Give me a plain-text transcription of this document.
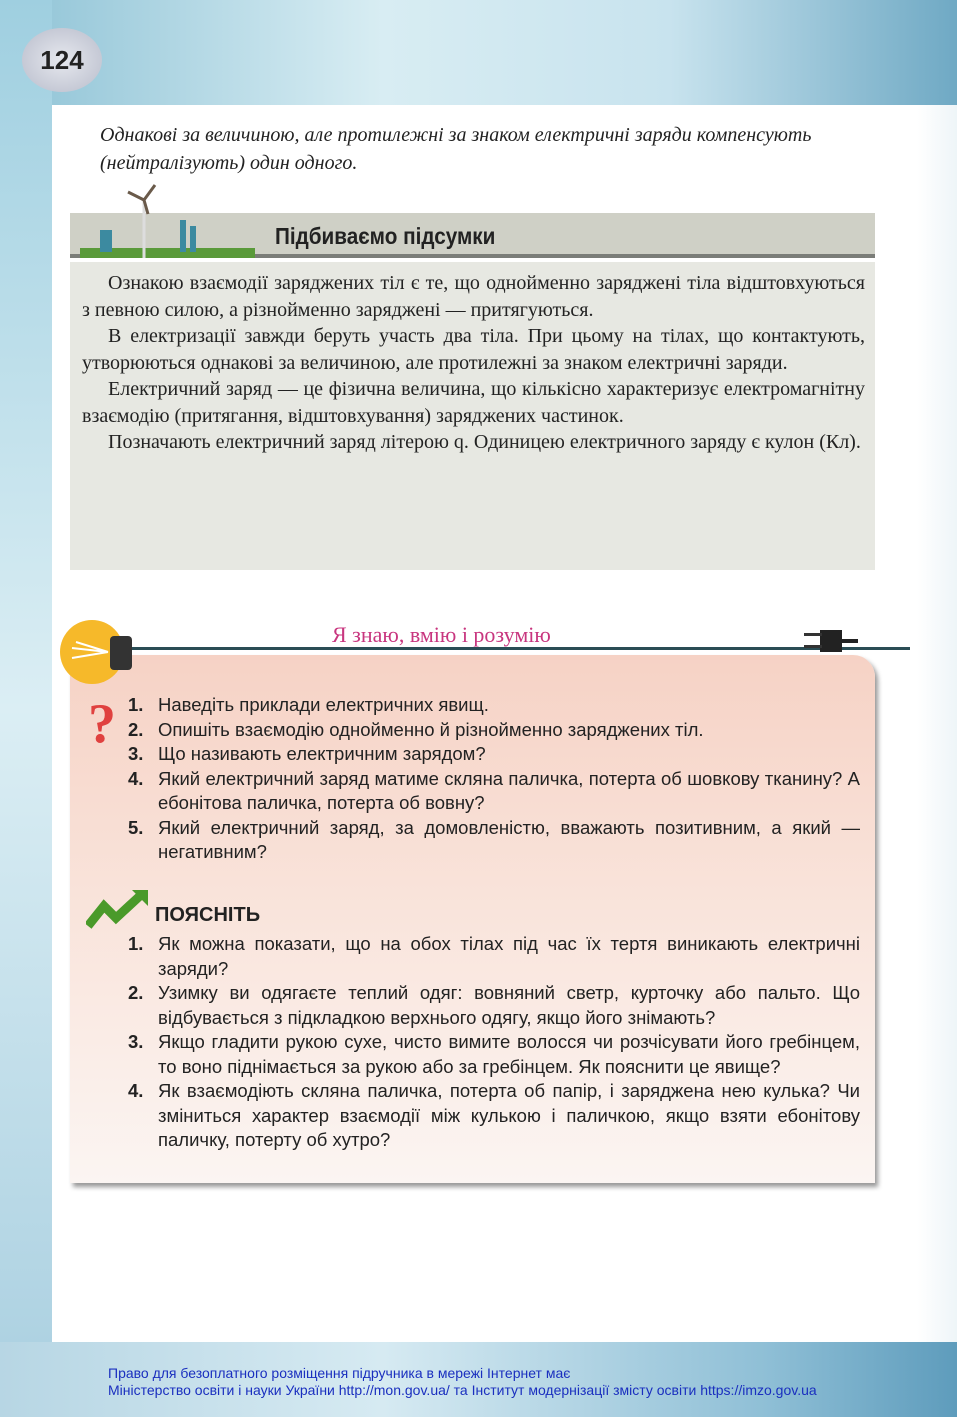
124
Однакові за величиною, але протилежні за знаком електричні заряди компенсують (нейтралізують) один одного.
Підбиваємо підсумки

Ознакою взаємодії заряджених тіл є те, що однойменно заряджені тіла відштовхуються з певною силою, а різнойменно заряджені — притягуються.

В електризації завжди беруть участь два тіла. При цьому на тілах, що контактують, утворюються однакові за величиною, але протилежні за знаком електричні заряди.

Електричний заряд — це фізична величина, що кількісно характеризує електромагнітну взаємодію (притягання, відштовхування) заряджених частинок.

Позначають електричний заряд літерою q. Одиницею електричного заряду є кулон (Кл).

Я знаю, вмію і розумію
? 1. Наведіть приклади електричних явищ.
2. Опишіть взаємодію однойменно й різнойменно заряджених тіл.
3. Що називають електричним зарядом?
4. Який електричний заряд матиме скляна паличка, потерта об шовкову тканину? А ебонітова паличка, потерта об вовну?
5. Який електричний заряд, за домовленістю, вважають позитивним, а який — негативним?
ПОЯСНІТЬ
1. Як можна показати, що на обох тілах під час їх тертя виникають електричні заряди?
2. Узимку ви одягаєте теплий одяг: вовняний светр, курточку або пальто. Що відбувається з підкладкою верхнього одягу, якщо його знімають?
3. Якщо гладити рукою сухе, чисто вимите волосся чи розчісувати його гребінцем, то воно піднімається за рукою або за гребінцем. Як пояснити це явище?
4. Як взаємодіють скляна паличка, потерта об папір, і заряджена нею кулька? Чи зміниться характер взаємодії між кулькою і паличкою, якщо взяти ебонітову паличку, потерту об хутро?
Право для безоплатного розміщення підручника в мережі Інтернет має
Міністерство освіти і науки України http://mon.gov.ua/ та Інститут модернізації змісту освіти https://imzo.gov.ua
